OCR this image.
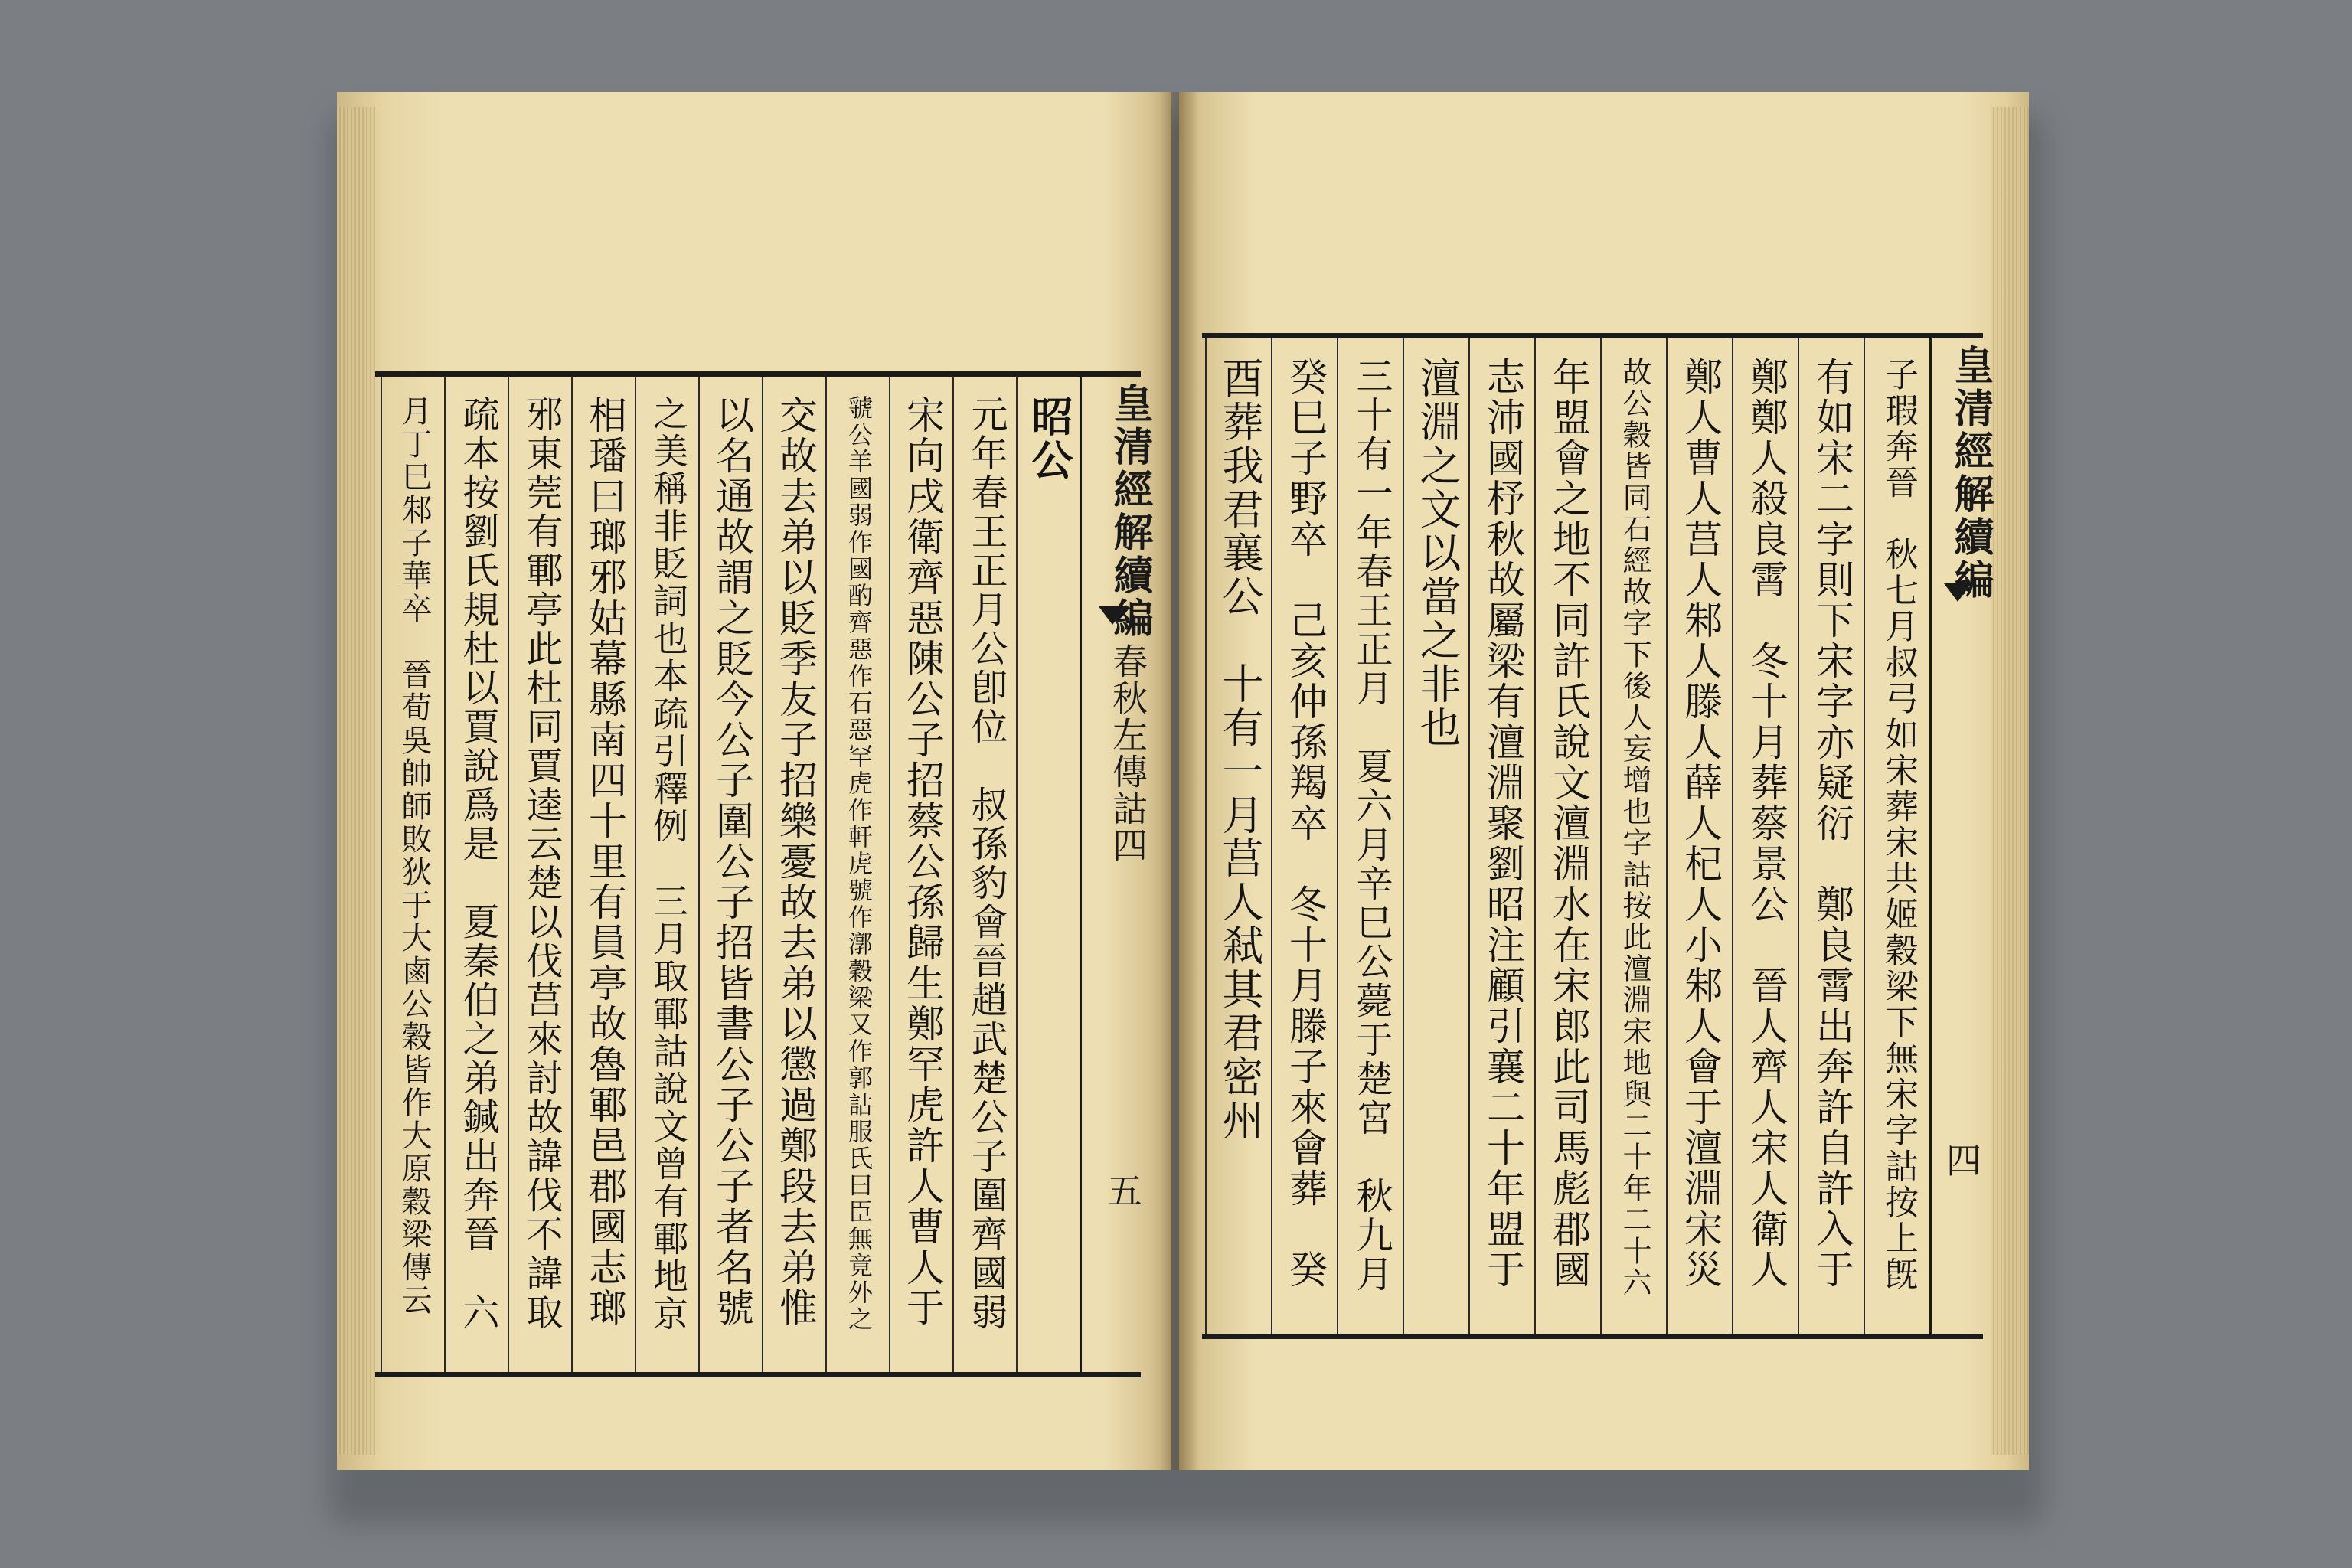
昭公
元年春王正月公卽位　叔孫豹會晉趙武楚公子圍齊國弱
宋向戌衛齊惡陳公子招蔡公孫歸生鄭罕虎許人曹人于
虢公羊國弱作國酌齊惡作石惡罕虎作軒虎號作漷穀梁又作郭詁服氏曰臣無竟外之
交故去弟以貶季友子招樂憂故去弟以懲過鄭段去弟惟
以名通故謂之貶今公子圍公子招皆書公子公子者名號
之美稱非貶詞也本疏引釋例　三月取鄆詁說文曾有鄆地京
相璠曰瑯邪姑幕縣南四十里有員亭故魯鄆邑郡國志瑯
邪東莞有鄆亭此杜同賈逵云楚以伐莒來討故諱伐不諱取
疏本按劉氏規杜以賈說爲是　夏秦伯之弟鍼出奔晉　六
月丁巳邾子華卒　晉荀吳帥師敗狄于大鹵公穀皆作大原穀梁傳云	皇清經解續編
春秋左傳詁四
五	子瑕奔晉　秋七月叔弓如宋葬宋共姬穀梁下無宋字詁按上旣
有如宋二字則下宋字亦疑衍　鄭良霄出奔許自許入于
鄭鄭人殺良霄　冬十月葬蔡景公　晉人齊人宋人衛人
鄭人曹人莒人邾人滕人薛人杞人小邾人會于澶淵宋災
故公穀皆同石經故字下後人妄增也字詁按此澶淵宋地與二十年二十六
年盟會之地不同許氏說文澶淵水在宋郎此司馬彪郡國
志沛國杼秋故屬梁有澶淵聚劉昭注顧引襄二十年盟于
澶淵之文以當之非也
三十有一年春王正月　夏六月辛巳公薨于楚宮　秋九月
癸巳子野卒　己亥仲孫羯卒　冬十月滕子來會葬　癸
酉葬我君襄公　十有一月莒人弒其君密州	皇清經解續編
四
